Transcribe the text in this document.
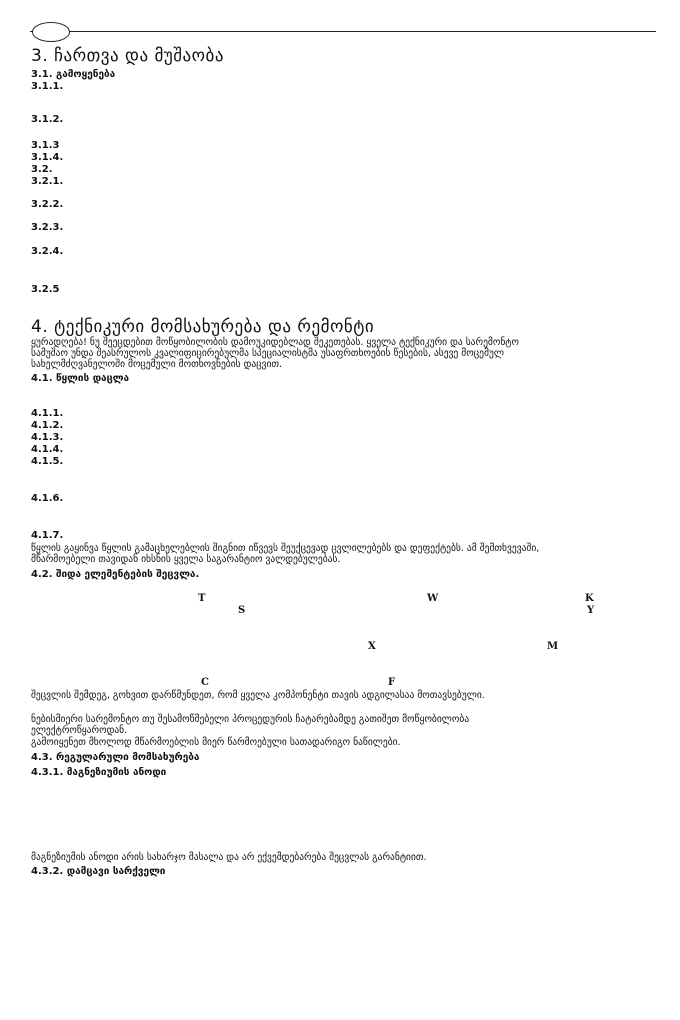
3. ჩართვა და მუშაობა
3.1. გამოყენება
3.1.1.
3.1.2.
3.1.3
3.1.4.
3.2.
3.2.1.
3.2.2.
3.2.3.
3.2.4.
3.2.5
4. ტექნიკური მომსახურება და რემონტი
ყურადღება! ნუ შეეცდებით მოწყობილობის დამოუკიდებლად შეკეთებას. ყველა ტექნიკური და სარემონტო
სამუშაო უნდა შეასრულოს კვალიფიცირებულმა სპეციალისტმა უსაფრთხოების წესების, ასევე მოცემულ
სახელმძღვანელოში მოცემული მოთხოვნების დაცვით.
4.1. წყლის დაცლა
4.1.1.
4.1.2.
4.1.3.
4.1.4.
4.1.5.
4.1.6.
4.1.7.
წყლის გაყინვა წყლის გამაცხელებლის შიგნით იწვევს შეუქცევად ცვლილებებს და დეფექტებს. ამ შემთხვევაში,
მწარმოებელი თავიდან იხსნის ყველა საგარანტიო ვალდებულებას.
4.2. შიდა ელემენტების შეცვლა.
T
S
W	K
Y
X	M
C	F
შეცვლის შემდეგ, გოხვით დარწმუნდეთ, რომ ყველა კომპონენტი თავის ადგილასაა მოთავსებული.
ნებისმიერი სარემონტო თუ შესამოწმებელი პროცედურის ჩატარებამდე გათიშეთ მოწყობილობა
ელექტროწყაროდან.
გამოიყენეთ მხოლოდ მწარმოებლის მიერ წარმოებული სათადარიგო ნაწილები.
4.3. რეგულარული მომსახურება
4.3.1. მაგნეზიუმის ანოდი
მაგნეზიუმის ანოდი არის სახარჯო მასალა და არ ექვემდებარება შეცვლას გარანტიით.
4.3.2. დამცავი სარქველი
